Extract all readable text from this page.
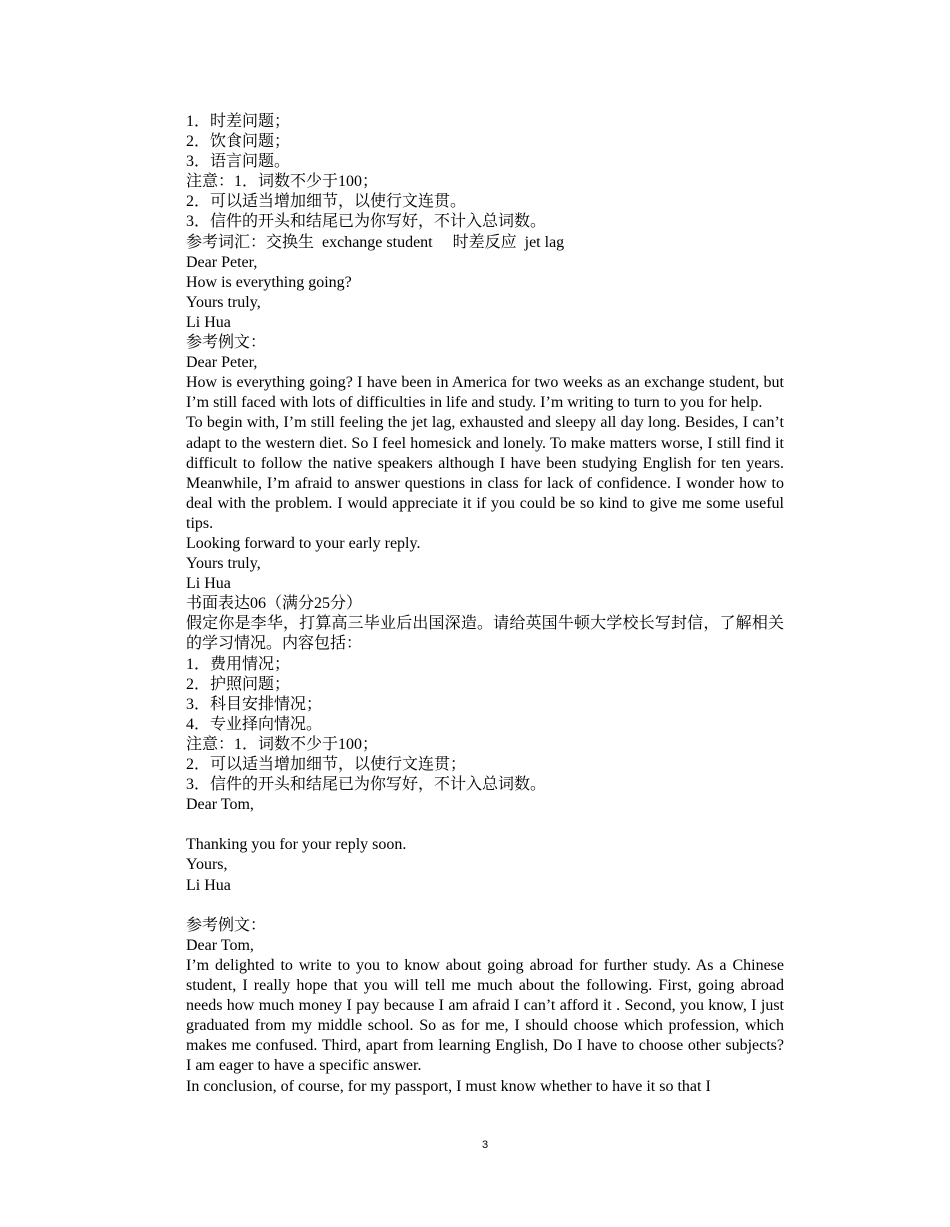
1．时差问题；
2．饮食问题；
3．语言问题。
注意：1．词数不少于100；
2．可以适当增加细节，以使行文连贯。
3．信件的开头和结尾已为你写好，不计入总词数。
参考词汇：交换生  exchange student     时差反应  jet lag
Dear Peter,
How is everything going?
Yours truly,
Li Hua
参考例文：
Dear Peter,

How is everything going? I have been in America for two weeks as an exchange student, but I’m still faced with lots of difficulties in life and study. I’m writing to turn to you for help.

To begin with, I’m still feeling the jet lag, exhausted and sleepy all day long. Besides, I can’t adapt to the western diet. So I feel homesick and lonely. To make matters worse, I still find it difficult to follow the native speakers although I have been studying English for ten years. Meanwhile, I’m afraid to answer questions in class for lack of confidence. I wonder how to deal with the problem. I would appreciate it if you could be so kind to give me some useful tips.

Looking forward to your early reply.
Yours truly,
Li Hua
书面表达06（满分25分）

假定你是李华，打算高三毕业后出国深造。请给英国牛顿大学校长写封信，了解相关的学习情况。内容包括：

1．费用情况；
2．护照问题；
3．科目安排情况；
4．专业择向情况。
注意：1．词数不少于100；
2．可以适当增加细节，以使行文连贯；
3．信件的开头和结尾已为你写好，不计入总词数。
Dear Tom,
Thanking you for your reply soon.
Yours,
Li Hua
参考例文：
Dear Tom,

I’m delighted to write to you to know about going abroad for further study. As a Chinese student, I really hope that you will tell me much about the following. First, going abroad needs how much money I pay because I am afraid I can’t afford it . Second, you know, I just graduated from my middle school. So as for me, I should choose which profession, which makes me confused. Third, apart from learning English, Do I have to choose other subjects? I am eager to have a specific answer.

In conclusion, of course, for my passport, I must know whether to have it so that I

3
